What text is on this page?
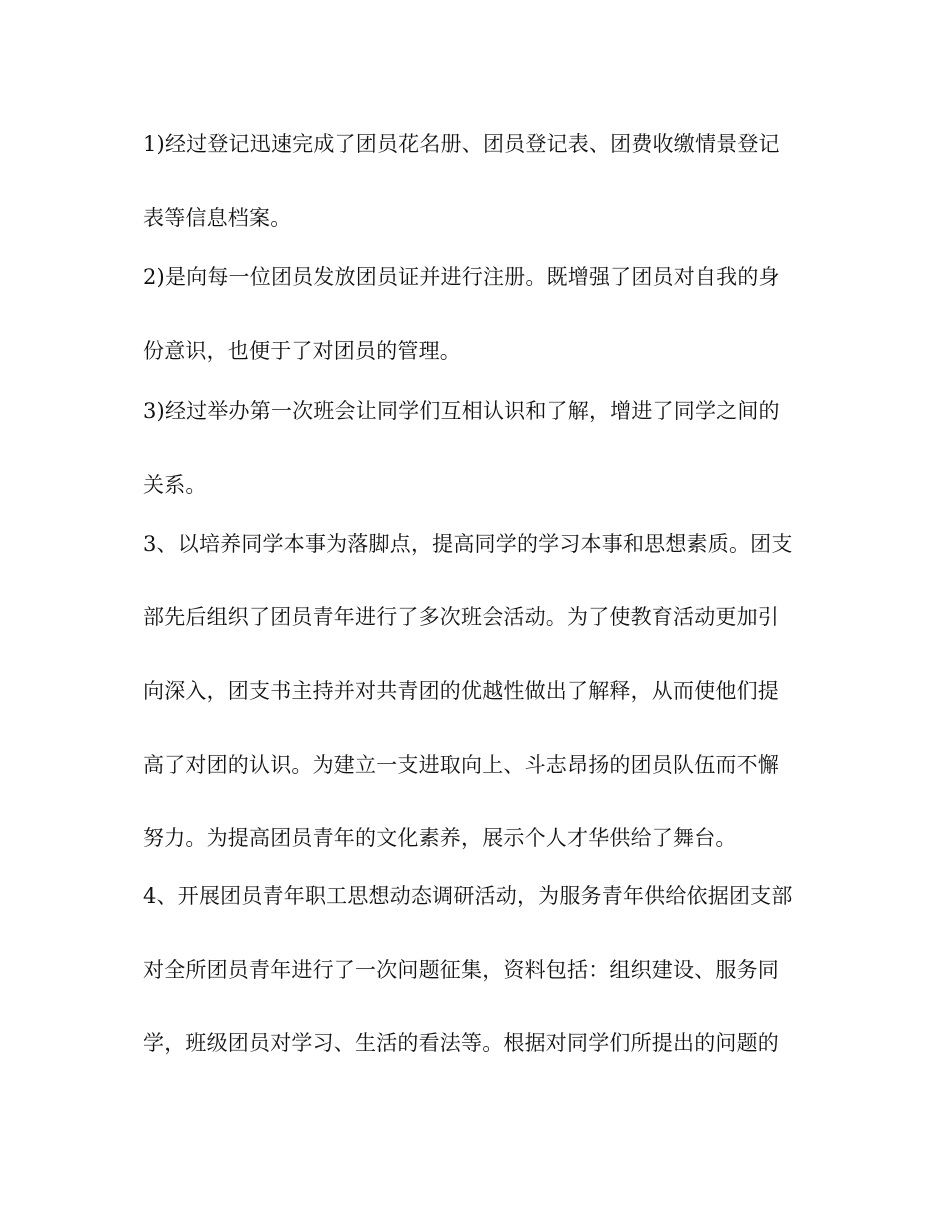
1)经过登记迅速完成了团员花名册、团员登记表、团费收缴情景登记
表等信息档案。
2)是向每一位团员发放团员证并进行注册。既增强了团员对自我的身
份意识，也便于了对团员的管理。
3)经过举办第一次班会让同学们互相认识和了解，增进了同学之间的
关系。
3、以培养同学本事为落脚点，提高同学的学习本事和思想素质。团支
部先后组织了团员青年进行了多次班会活动。为了使教育活动更加引
向深入，团支书主持并对共青团的优越性做出了解释，从而使他们提
高了对团的认识。为建立一支进取向上、斗志昂扬的团员队伍而不懈
努力。为提高团员青年的文化素养，展示个人才华供给了舞台。
4、开展团员青年职工思想动态调研活动，为服务青年供给依据团支部
对全所团员青年进行了一次问题征集，资料包括：组织建设、服务同
学，班级团员对学习、生活的看法等。根据对同学们所提出的问题的
